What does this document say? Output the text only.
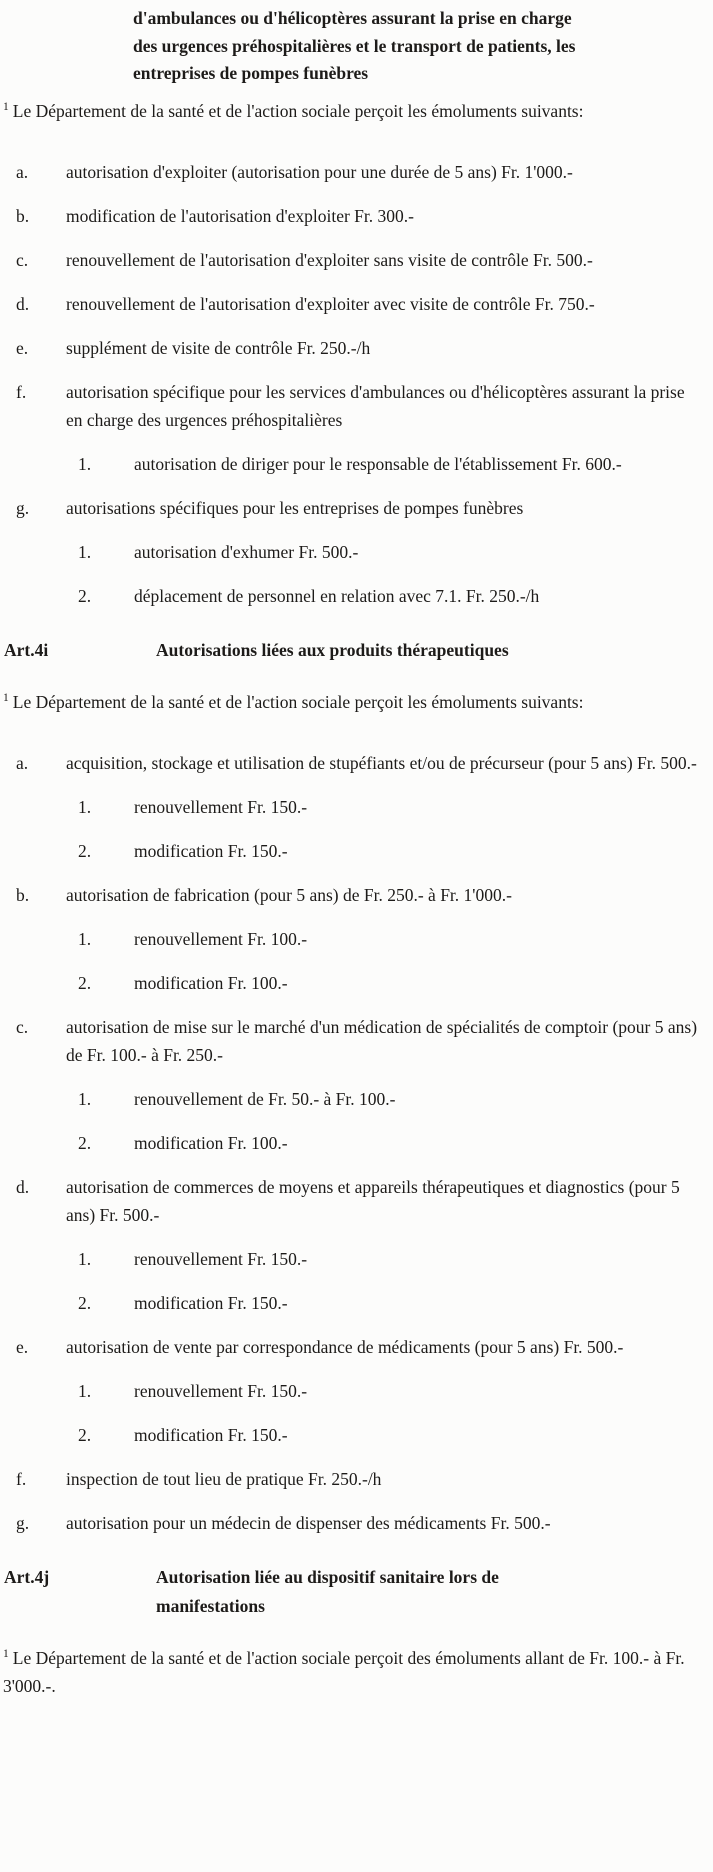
d'ambulances ou d'hélicoptères assurant la prise en charge
des urgences préhospitalières et le transport de patients, les
entreprises de pompes funèbres

$^1$ Le Département de la santé et de l'action sociale perçoit les émoluments suivants:

a.	autorisation d'exploiter (autorisation pour une durée de 5 ans) Fr. 1'000.-
b.	modification de l'autorisation d'exploiter Fr. 300.-
c.	renouvellement de l'autorisation d'exploiter sans visite de contrôle Fr. 500.-
d.	renouvellement de l'autorisation d'exploiter avec visite de contrôle Fr. 750.-
e.	supplément de visite de contrôle Fr. 250.-/h
f.	autorisation spécifique pour les services d'ambulances ou d'hélicoptères assurant la prise en charge des urgences préhospitalières
1.	autorisation de diriger pour le responsable de l'établissement Fr. 600.-
g.	autorisations spécifiques pour les entreprises de pompes funèbres
1.	autorisation d'exhumer Fr. 500.-
2.	déplacement de personnel en relation avec 7.1. Fr. 250.-/h
Art.4i	Autorisations liées aux produits thérapeutiques

$^1$ Le Département de la santé et de l'action sociale perçoit les émoluments suivants:

a.	acquisition, stockage et utilisation de stupéfiants et/ou de précurseur (pour 5 ans) Fr. 500.-
1.	renouvellement Fr. 150.-
2.	modification Fr. 150.-
b.	autorisation de fabrication (pour 5 ans) de Fr. 250.- à Fr. 1'000.-
1.	renouvellement Fr. 100.-
2.	modification Fr. 100.-
c.	autorisation de mise sur le marché d'un médication de spécialités de comptoir (pour 5 ans) de Fr. 100.- à Fr. 250.-
1.	renouvellement de Fr. 50.- à Fr. 100.-
2.	modification Fr. 100.-
d.	autorisation de commerces de moyens et appareils thérapeutiques et diagnostics (pour 5 ans) Fr. 500.-
1.	renouvellement Fr. 150.-
2.	modification Fr. 150.-
e.	autorisation de vente par correspondance de médicaments (pour 5 ans) Fr. 500.-
1.	renouvellement Fr. 150.-
2.	modification Fr. 150.-
f.	inspection de tout lieu de pratique Fr. 250.-/h
g.	autorisation pour un médecin de dispenser des médicaments Fr. 500.-
Art.4j	Autorisation liée au dispositif sanitaire lors de
manifestations

$^1$ Le Département de la santé et de l'action sociale perçoit des émoluments allant de Fr. 100.- à Fr. 3'000.-.
